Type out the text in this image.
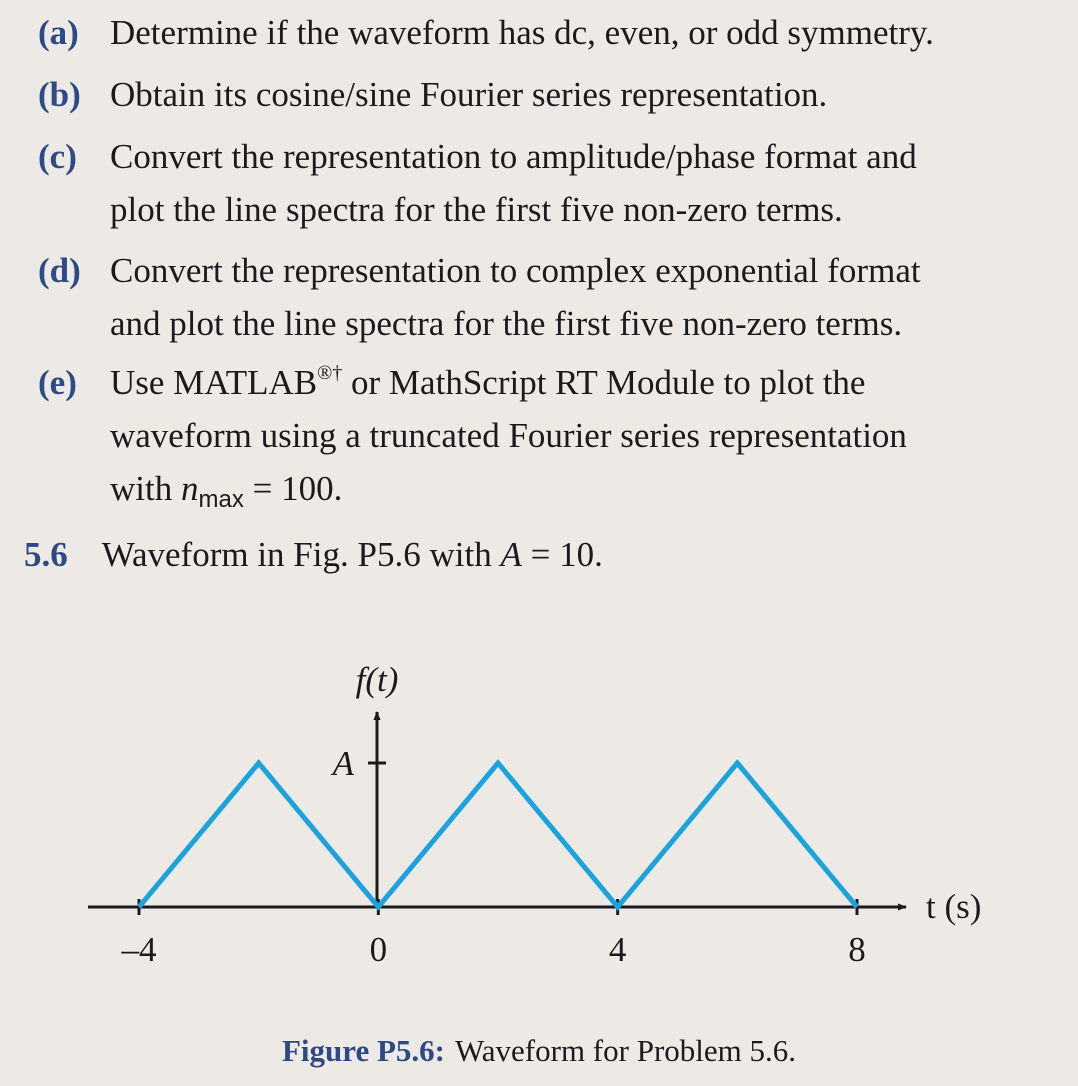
(a) Determine if the waveform has dc, even, or odd symmetry.
(b) Obtain its cosine/sine Fourier series representation.
(c) Convert the representation to amplitude/phase format and
plot the line spectra for the first five non-zero terms.
(d) Convert the representation to complex exponential format
and plot the line spectra for the first five non-zero terms.
(e) Use MATLAB®† or MathScript RT Module to plot the
waveform using a truncated Fourier series representation
with $n_{max} = 100$.
5.6 Waveform in Fig. P5.6 with A = 10.
f(t)
A
t (s)
–4	0	4	8
Figure P5.6: Waveform for Problem 5.6.
